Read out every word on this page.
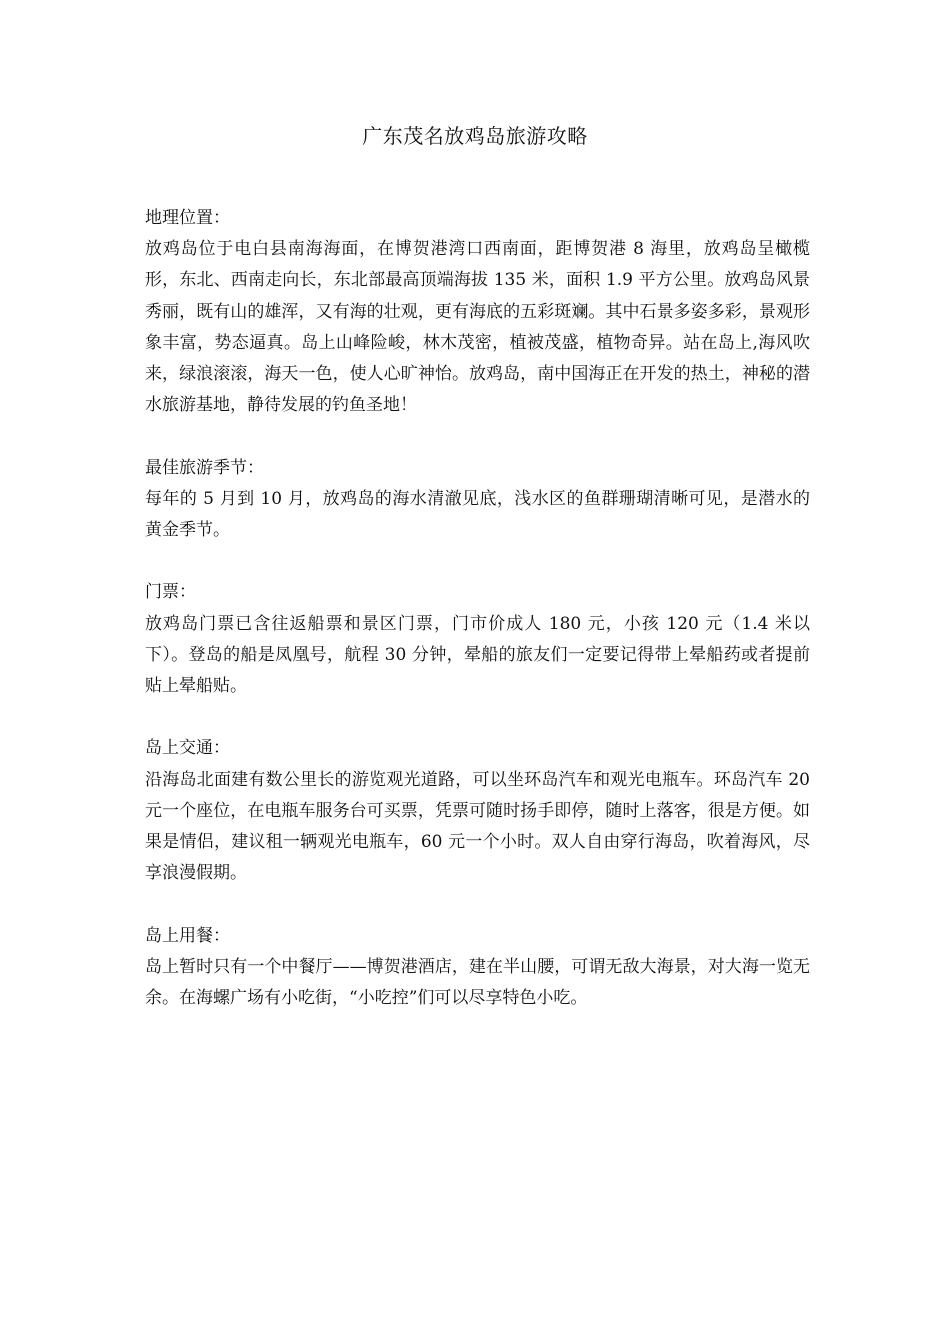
广东茂名放鸡岛旅游攻略

地理位置：

放鸡岛位于电白县南海海面，在博贺港湾口西南面，距博贺港 8 海里，放鸡岛呈橄榄形，东北、西南走向长，东北部最高顶端海拔 135 米，面积 1.9 平方公里。放鸡岛风景秀丽，既有山的雄浑，又有海的壮观，更有海底的五彩斑斓。其中石景多姿多彩，景观形象丰富，势态逼真。岛上山峰险峻，林木茂密，植被茂盛，植物奇异。站在岛上,海风吹来，绿浪滚滚，海天一色，使人心旷神怡。放鸡岛，南中国海正在开发的热土，神秘的潜水旅游基地，静待发展的钓鱼圣地！

最佳旅游季节：

每年的 5 月到 10 月，放鸡岛的海水清澈见底，浅水区的鱼群珊瑚清晰可见，是潜水的黄金季节。

门票：

放鸡岛门票已含往返船票和景区门票，门市价成人 180 元，小孩 120 元（1.4 米以下）。登岛的船是凤凰号，航程 30 分钟，晕船的旅友们一定要记得带上晕船药或者提前贴上晕船贴。

岛上交通：

沿海岛北面建有数公里长的游览观光道路，可以坐环岛汽车和观光电瓶车。环岛汽车 20 元一个座位，在电瓶车服务台可买票，凭票可随时扬手即停，随时上落客，很是方便。如果是情侣，建议租一辆观光电瓶车，60 元一个小时。双人自由穿行海岛，吹着海风，尽享浪漫假期。

岛上用餐：

岛上暂时只有一个中餐厅——博贺港酒店，建在半山腰，可谓无敌大海景，对大海一览无余。在海螺广场有小吃街，“小吃控”们可以尽享特色小吃。
